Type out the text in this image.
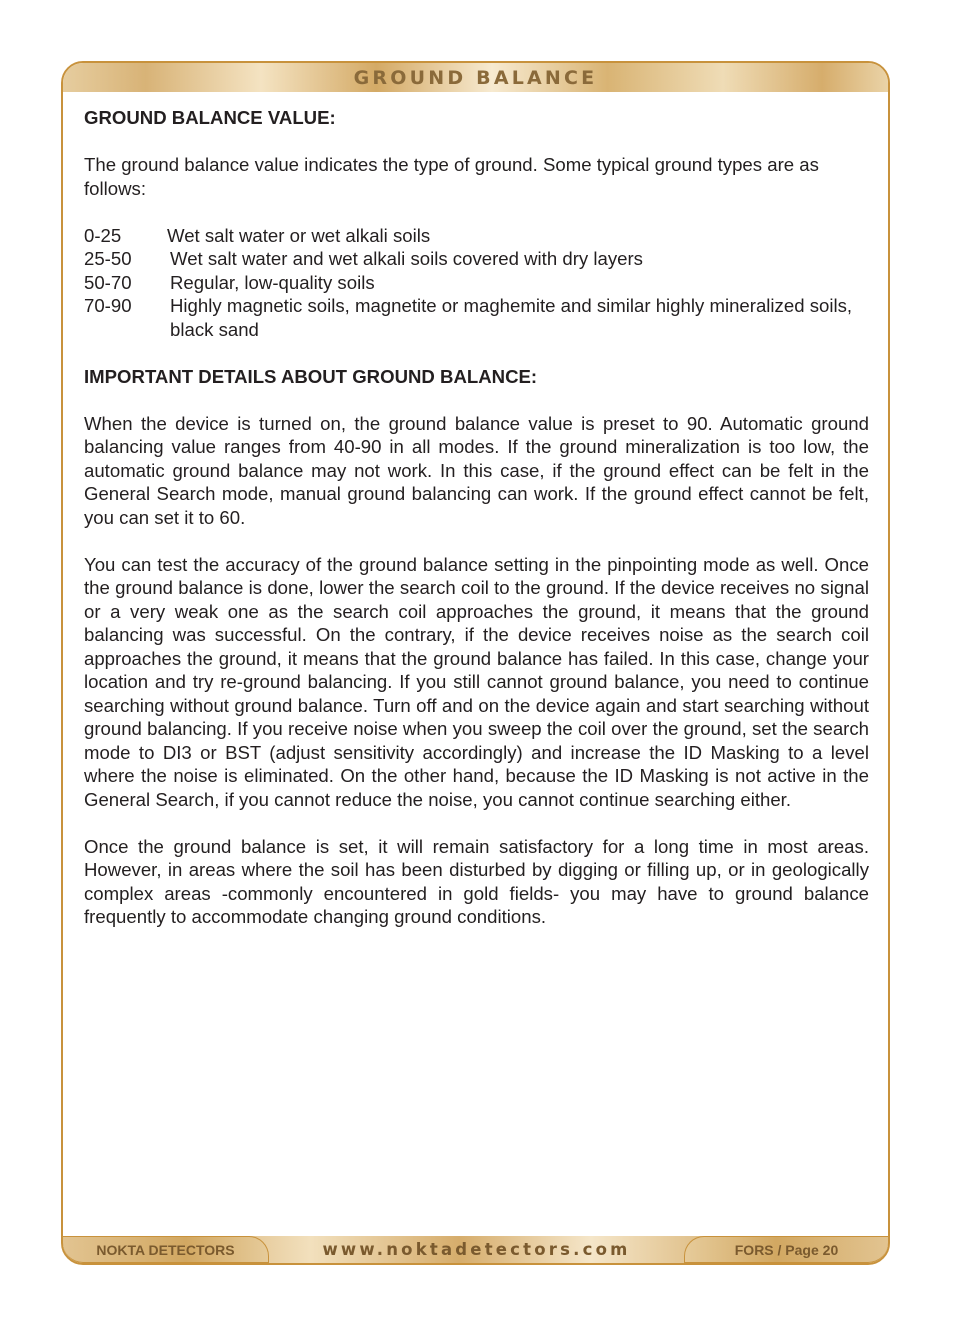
GROUND BALANCE

GROUND BALANCE VALUE:

The ground balance value indicates the type of ground. Some typical ground types are as follows:

0-25	Wet salt water or wet alkali soils
25-50	Wet salt water and wet alkali soils covered with dry layers
50-70	Regular, low-quality soils
70-90	Highly magnetic soils, magnetite or maghemite and similar highly mineralized soils, black sand

IMPORTANT DETAILS ABOUT GROUND BALANCE:

When the device is turned on, the ground balance value is preset to 90. Automatic ground balancing value ranges from 40-90 in all modes. If the ground mineralization is too low, the automatic ground balance may not work. In this case, if the ground effect can be felt in the General Search mode, manual ground balancing can work. If the ground effect cannot be felt, you can set it to 60.

You can test the accuracy of the ground balance setting in the pinpointing mode as well. Once the ground balance is done, lower the search coil to the ground. If the device receives no signal or a very weak one as the search coil approaches the ground, it means that the ground balancing was successful. On the contrary, if the device receives noise as the search coil approaches the ground, it means that the ground balance has failed. In this case, change your location and try re-ground balancing. If you still cannot ground balance, you need to continue searching without ground balance. Turn off and on the device again and start searching without ground balancing. If you receive noise when you sweep the coil over the ground, set the search mode to DI3 or BST (adjust sensitivity accordingly) and increase the ID Masking to a level where the noise is eliminated. On the other hand, because the ID Masking is not active in the General Search, if you cannot reduce the noise, you cannot continue searching either.

Once the ground balance is set, it will remain satisfactory for a long time in most areas. However, in areas where the soil has been disturbed by digging or filling up, or in geologically complex areas -commonly encountered in gold fields- you may have to ground balance frequently to accommodate changing ground conditions.

NOKTA DETECTORS	www.noktadetectors.com	FORS / Page 20
